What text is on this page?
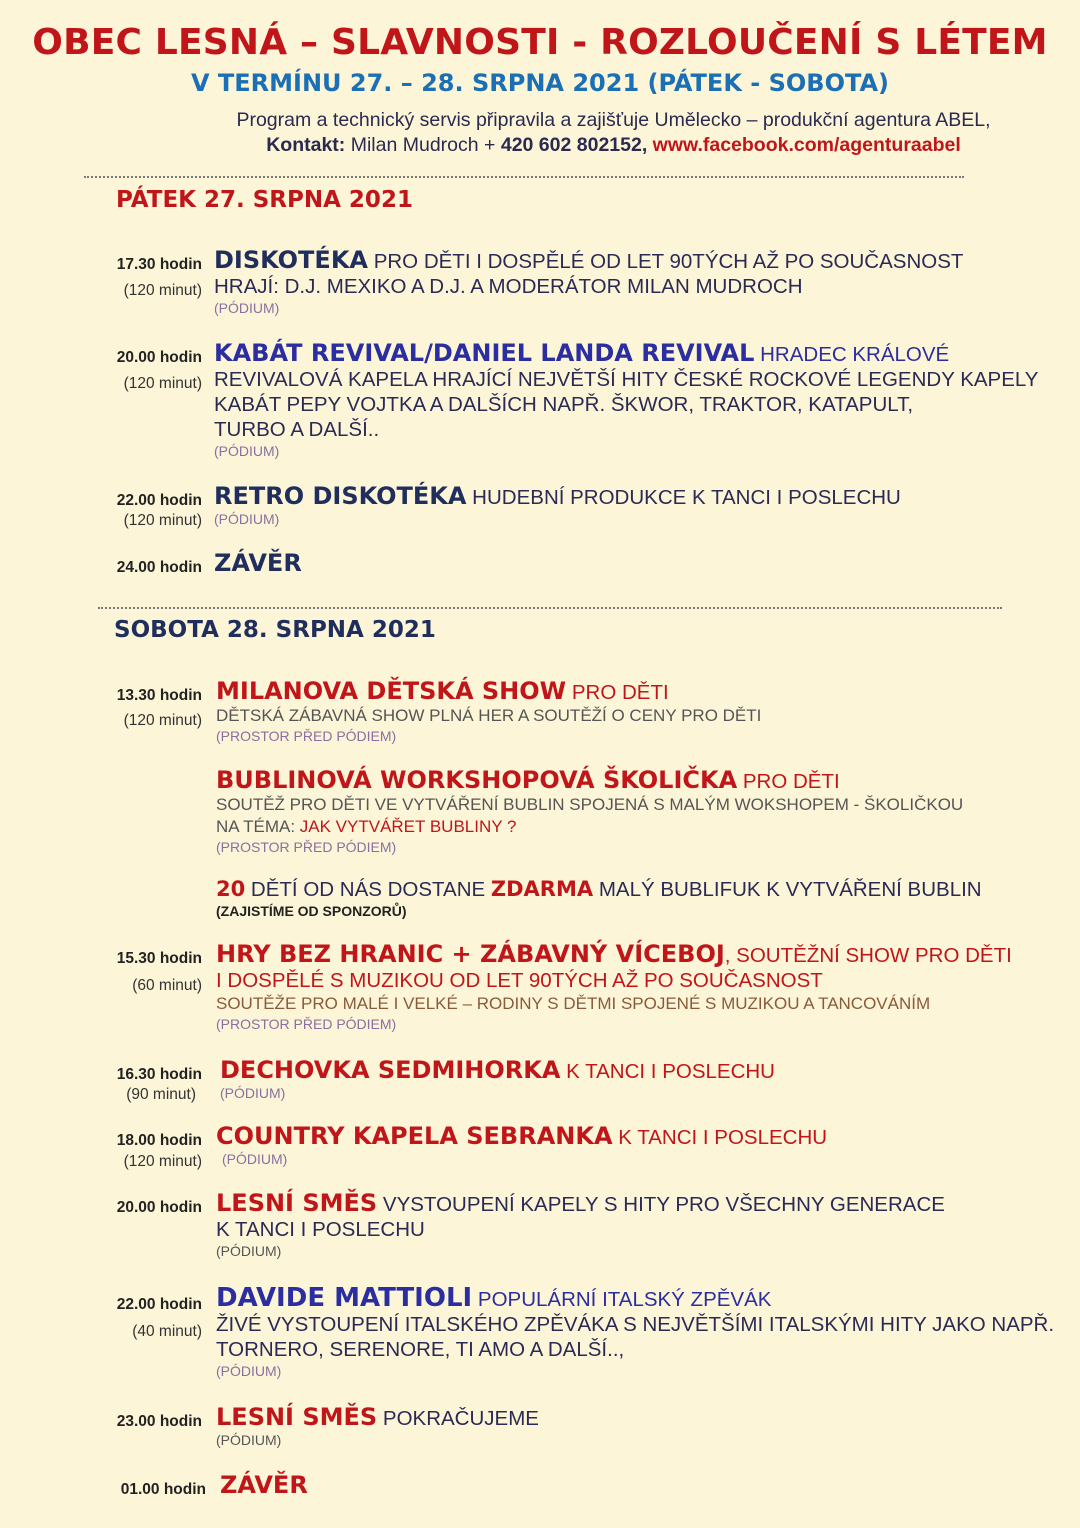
OBEC LESNÁ – SLAVNOSTI - ROZLOUČENÍ S LÉTEM
V TERMÍNU 27. – 28. SRPNA 2021 (PÁTEK - SOBOTA)
Program a technický servis připravila a zajišťuje Umělecko – produkční agentura ABEL,
Kontakt: Milan Mudroch + 420 602 802152, www.facebook.com/agenturaabel
PÁTEK 27. SRPNA 2021
17.30 hodin
(120 minut)
DISKOTÉKA PRO DĚTI I DOSPĚLÉ OD LET 90TÝCH AŽ PO SOUČASNOST
HRAJÍ: D.J. MEXIKO A D.J. A MODERÁTOR MILAN MUDROCH
(PÓDIUM)
20.00 hodin
(120 minut)
KABÁT REVIVAL/DANIEL LANDA REVIVAL HRADEC KRÁLOVÉ
REVIVALOVÁ KAPELA HRAJÍCÍ NEJVĚTŠÍ HITY ČESKÉ ROCKOVÉ LEGENDY KAPELY
KABÁT PEPY VOJTKA A DALŠÍCH NAPŘ. ŠKWOR, TRAKTOR, KATAPULT,
TURBO A DALŠÍ..
(PÓDIUM)
22.00 hodin
(120 minut)
RETRO DISKOTÉKA HUDEBNÍ PRODUKCE K TANCI I POSLECHU
(PÓDIUM)
24.00 hodin ZÁVĚR
SOBOTA 28. SRPNA 2021
13.30 hodin
(120 minut)
MILANOVA DĚTSKÁ SHOW PRO DĚTI
DĚTSKÁ ZÁBAVNÁ SHOW PLNÁ HER A SOUTĚŽÍ O CENY PRO DĚTI
(PROSTOR PŘED PÓDIEM)
BUBLINOVÁ WORKSHOPOVÁ ŠKOLIČKA PRO DĚTI
SOUTĚŽ PRO DĚTI VE VYTVÁŘENÍ BUBLIN SPOJENÁ S MALÝM WOKSHOPEM - ŠKOLIČKOU
NA TÉMA: JAK VYTVÁŘET BUBLINY ?
(PROSTOR PŘED PÓDIEM)
20 DĚTÍ OD NÁS DOSTANE ZDARMA MALÝ BUBLIFUK K VYTVÁŘENÍ BUBLIN
(ZAJISTÍME OD SPONZORŮ)
15.30 hodin
(60 minut)
HRY BEZ HRANIC + ZÁBAVNÝ VÍCEBOJ, SOUTĚŽNÍ SHOW PRO DĚTI
I DOSPĚLÉ S MUZIKOU OD LET 90TÝCH AŽ PO SOUČASNOST
SOUTĚŽE PRO MALÉ I VELKÉ – RODINY S DĚTMI SPOJENÉ S MUZIKOU A TANCOVÁNÍM
(PROSTOR PŘED PÓDIEM)
16.30 hodin
(90 minut)
DECHOVKA SEDMIHORKA K TANCI I POSLECHU
(PÓDIUM)
18.00 hodin
(120 minut)
COUNTRY KAPELA SEBRANKA K TANCI I POSLECHU
(PÓDIUM)
20.00 hodin LESNÍ SMĚS VYSTOUPENÍ KAPELY S HITY PRO VŠECHNY GENERACE
K TANCI I POSLECHU
(PÓDIUM)
22.00 hodin
(40 minut)
DAVIDE MATTIOLI POPULÁRNÍ ITALSKÝ ZPĚVÁK
ŽIVÉ VYSTOUPENÍ ITALSKÉHO ZPĚVÁKA S NEJVĚTŠÍMI ITALSKÝMI HITY JAKO NAPŘ.
TORNERO, SERENORE, TI AMO A DALŠÍ..,
(PÓDIUM)
23.00 hodin LESNÍ SMĚS POKRAČUJEME
(PÓDIUM)
01.00 hodin ZÁVĚR
